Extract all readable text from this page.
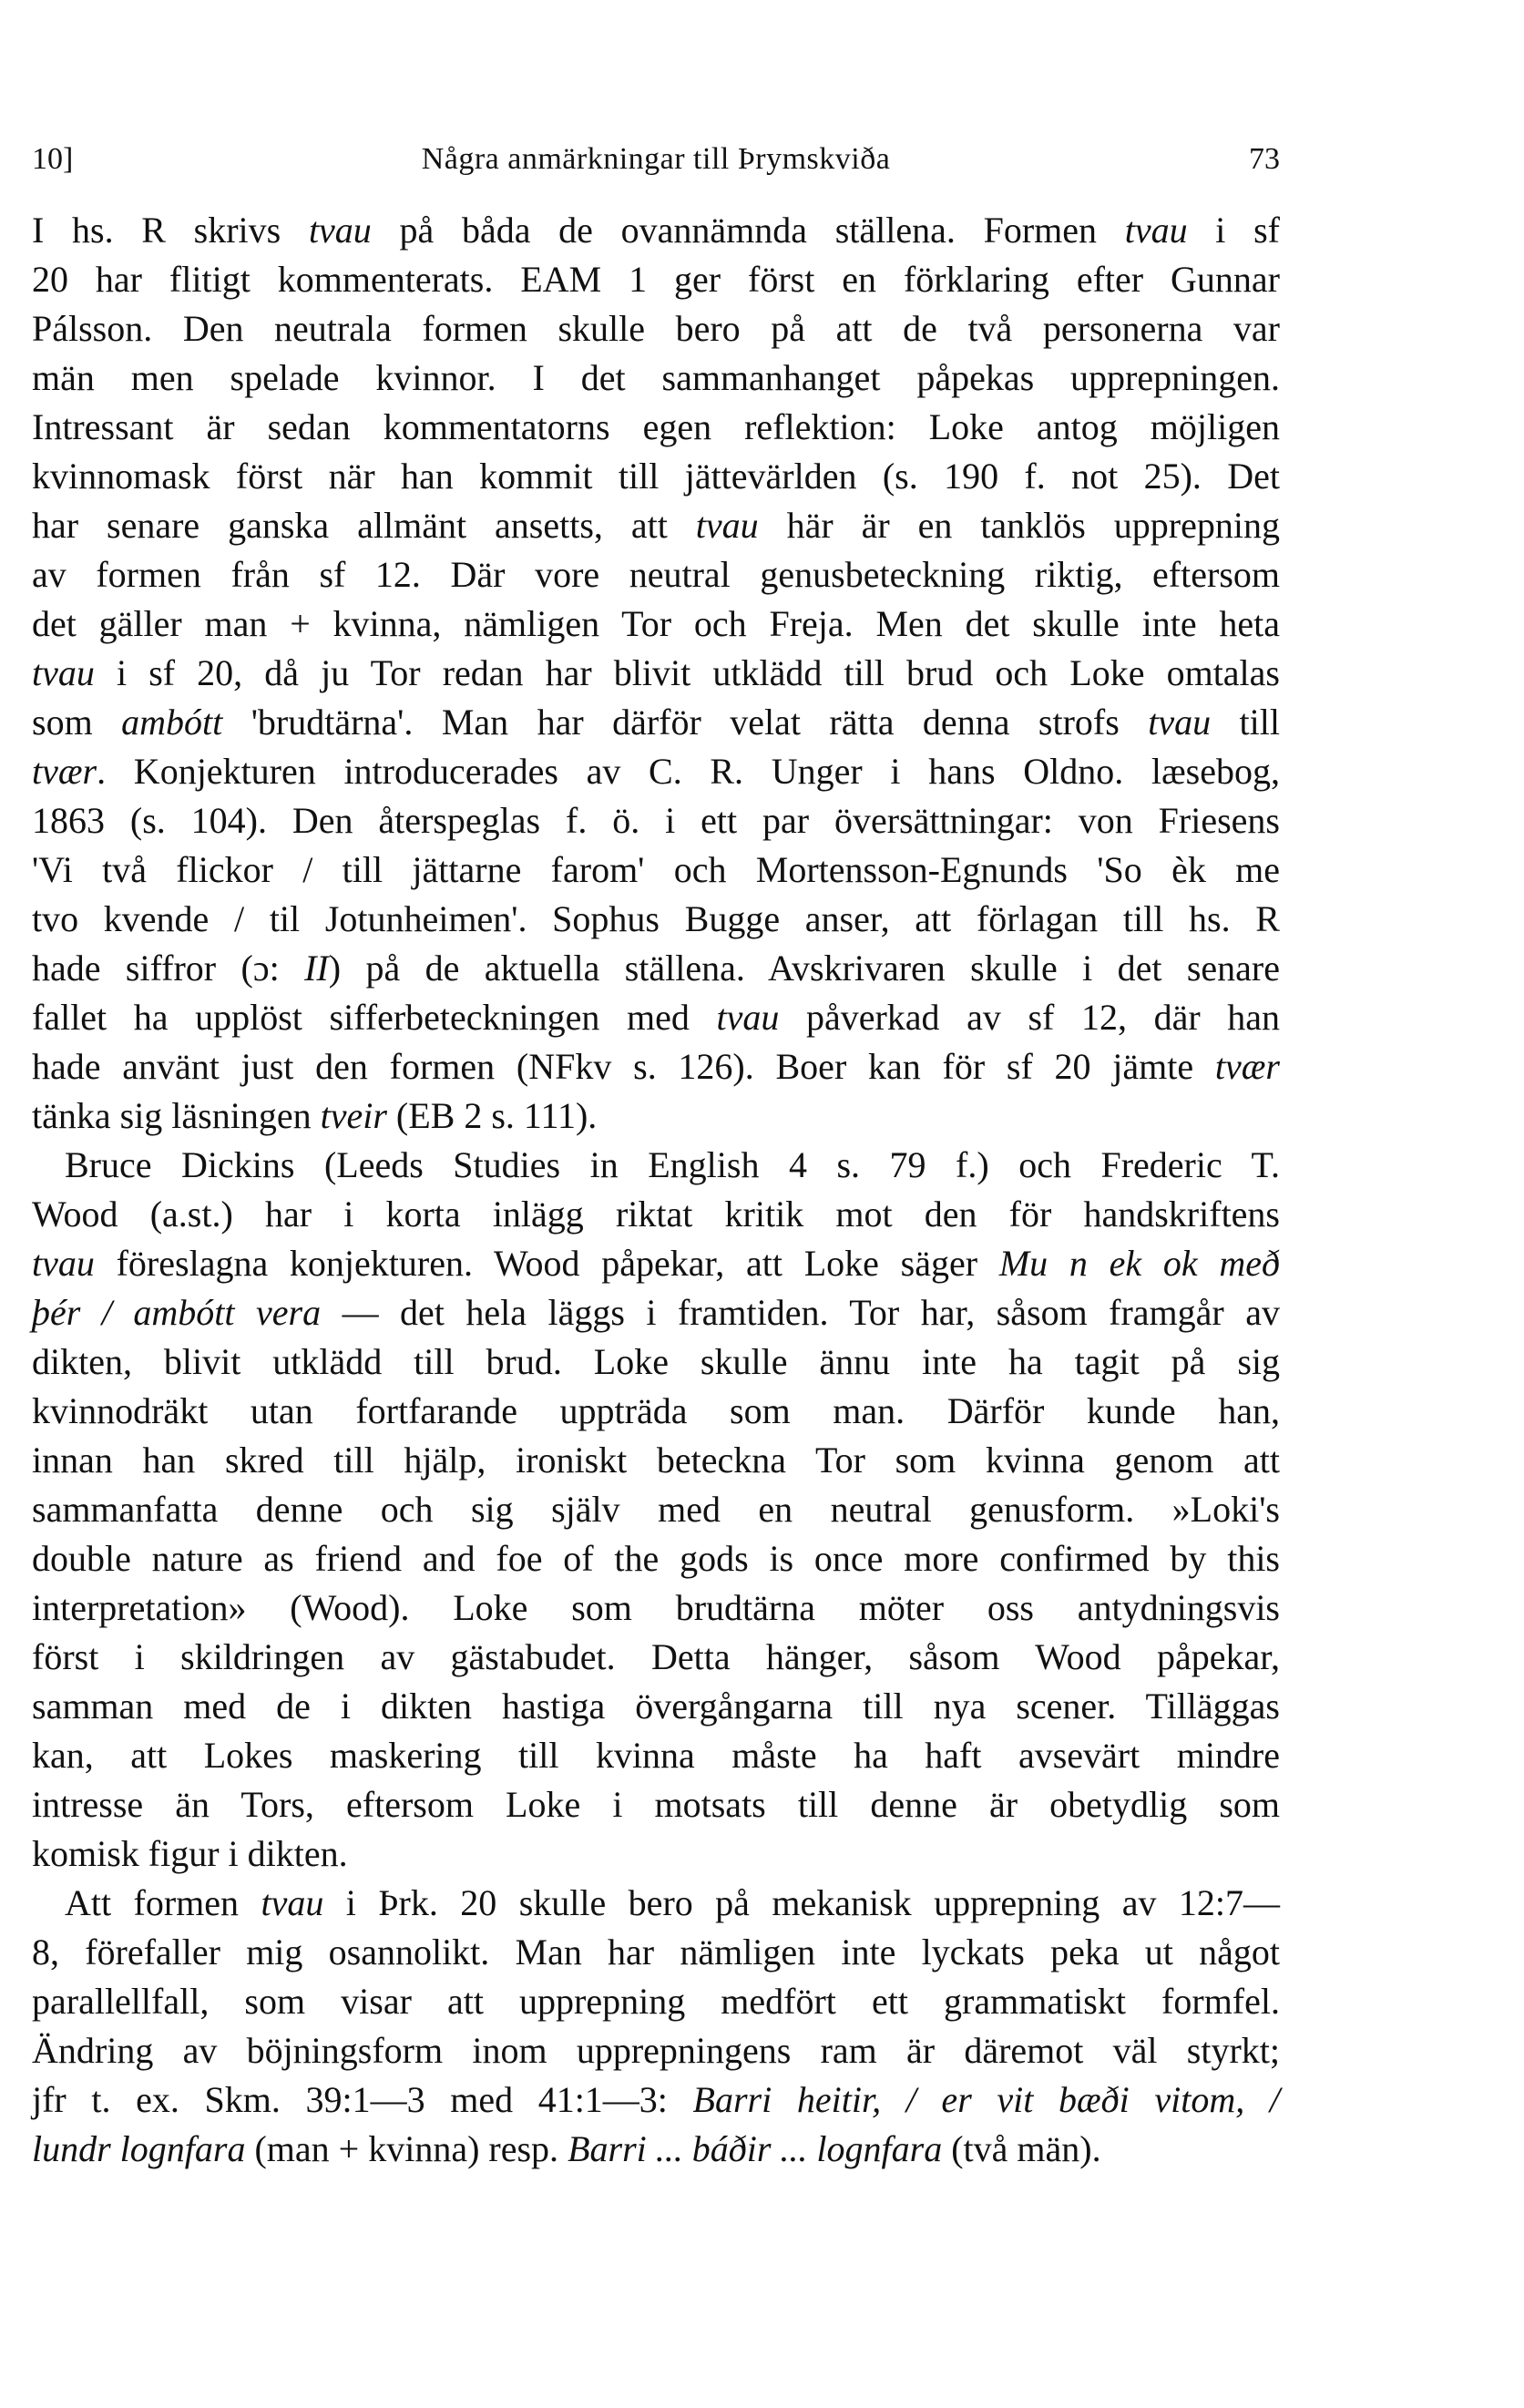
10]	Några anmärkningar till Þrymskviða	73
I hs. R skrivs tvau på båda de ovannämnda ställena. Formen tvau i sf
20 har flitigt kommenterats. EAM 1 ger först en förklaring efter Gunnar
Pálsson. Den neutrala formen skulle bero på att de två personerna var
män men spelade kvinnor. I det sammanhanget påpekas upprepningen.
Intressant är sedan kommentatorns egen reflektion: Loke antog möjligen
kvinnomask först när han kommit till jättevärlden (s. 190 f. not 25). Det
har senare ganska allmänt ansetts, att tvau här är en tanklös upprepning
av formen från sf 12. Där vore neutral genusbeteckning riktig, eftersom
det gäller man + kvinna, nämligen Tor och Freja. Men det skulle inte heta
tvau i sf 20, då ju Tor redan har blivit utklädd till brud och Loke omtalas
som ambótt 'brudtärna'. Man har därför velat rätta denna strofs tvau till
tvær. Konjekturen introducerades av C. R. Unger i hans Oldno. læsebog,
1863 (s. 104). Den återspeglas f. ö. i ett par översättningar: von Friesens
'Vi två flickor / till jättarne farom' och Mortensson-Egnunds 'So èk me
tvo kvende / til Jotunheimen'. Sophus Bugge anser, att förlagan till hs. R
hade siffror (ɔ: II) på de aktuella ställena. Avskrivaren skulle i det senare
fallet ha upplöst sifferbeteckningen med tvau påverkad av sf 12, där han
hade använt just den formen (NFkv s. 126). Boer kan för sf 20 jämte tvær
tänka sig läsningen tveir (EB 2 s. 111).
Bruce Dickins (Leeds Studies in English 4 s. 79 f.) och Frederic T.
Wood (a.st.) har i korta inlägg riktat kritik mot den för handskriftens
tvau föreslagna konjekturen. Wood påpekar, att Loke säger Mu n ek ok með
þér / ambótt vera — det hela läggs i framtiden. Tor har, såsom framgår av
dikten, blivit utklädd till brud. Loke skulle ännu inte ha tagit på sig
kvinnodräkt utan fortfarande uppträda som man. Därför kunde han,
innan han skred till hjälp, ironiskt beteckna Tor som kvinna genom att
sammanfatta denne och sig själv med en neutral genusform. »Loki's
double nature as friend and foe of the gods is once more confirmed by this
interpretation» (Wood). Loke som brudtärna möter oss antydningsvis
först i skildringen av gästabudet. Detta hänger, såsom Wood påpekar,
samman med de i dikten hastiga övergångarna till nya scener. Tilläggas
kan, att Lokes maskering till kvinna måste ha haft avsevärt mindre
intresse än Tors, eftersom Loke i motsats till denne är obetydlig som
komisk figur i dikten.
Att formen tvau i Þrk. 20 skulle bero på mekanisk upprepning av 12:7—
8, förefaller mig osannolikt. Man har nämligen inte lyckats peka ut något
parallellfall, som visar att upprepning medfört ett grammatiskt formfel.
Ändring av böjningsform inom upprepningens ram är däremot väl styrkt;
jfr t. ex. Skm. 39:1—3 med 41:1—3: Barri heitir, / er vit bæði vitom, /
lundr lognfara (man + kvinna) resp. Barri ... báðir ... lognfara (två män).
